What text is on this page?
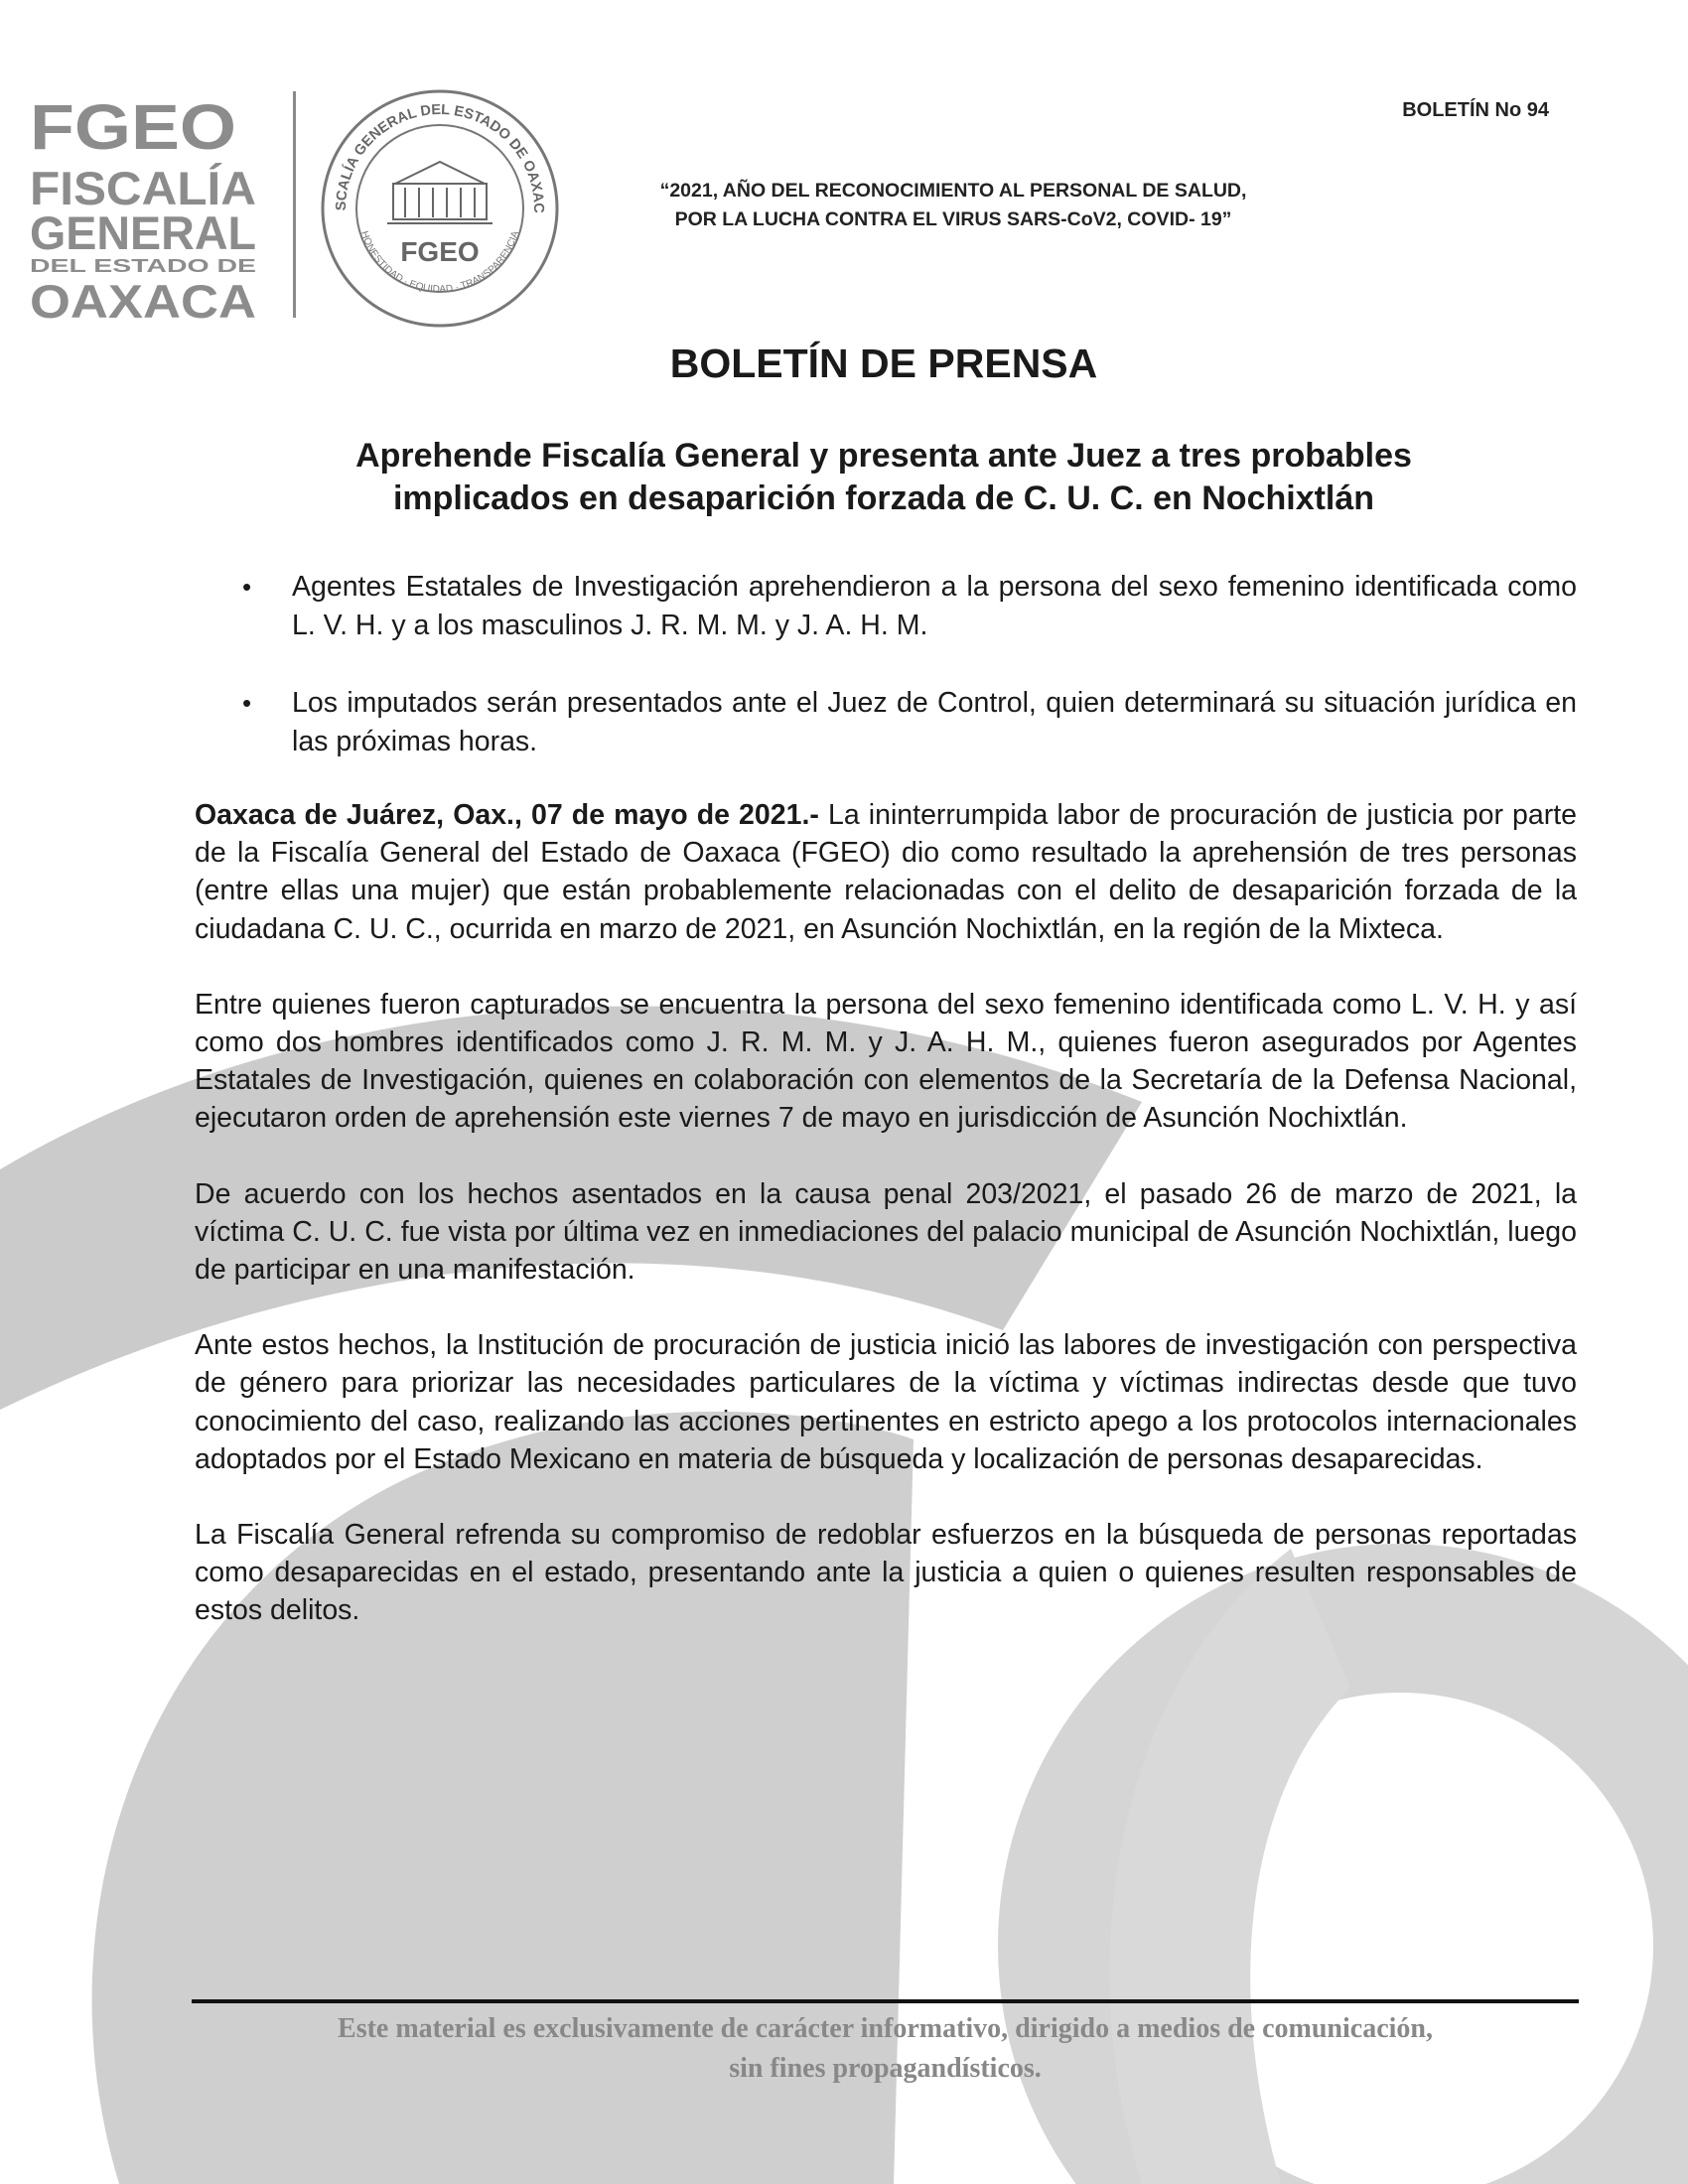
FGEO
FISCALÍA
GENERAL
DEL ESTADO DE
OAXACA
SCALÍA GENERAL DEL ESTADO DE OAXAC
HONESTIDAD · EQUIDAD · TRANSPARENCIA
FGEO
BOLETÍN No 94
“2021, AÑO DEL RECONOCIMIENTO AL PERSONAL DE SALUD,
POR LA LUCHA CONTRA EL VIRUS SARS-CoV2, COVID- 19”
BOLETÍN DE PRENSA
Aprehende Fiscalía General y presenta ante Juez a tres probables
implicados en desaparición forzada de C. U. C. en Nochixtlán
• Agentes Estatales de Investigación aprehendieron a la persona del sexo femenino identificada como L. V. H. y a los masculinos J. R. M. M. y J. A. H. M.
• Los imputados serán presentados ante el Juez de Control, quien determinará su situación jurídica en las próximas horas.

Oaxaca de Juárez, Oax., 07 de mayo de 2021.- La ininterrumpida labor de procuración de justicia por parte de la Fiscalía General del Estado de Oaxaca (FGEO) dio como resultado la aprehensión de tres personas (entre ellas una mujer) que están probablemente relacionadas con el delito de desaparición forzada de la ciudadana C. U. C., ocurrida en marzo de 2021, en Asunción Nochixtlán, en la región de la Mixteca.

Entre quienes fueron capturados se encuentra la persona del sexo femenino identificada como L. V. H. y así como dos hombres identificados como J. R. M. M. y J. A. H. M., quienes fueron asegurados por Agentes Estatales de Investigación, quienes en colaboración con elementos de la Secretaría de la Defensa Nacional, ejecutaron orden de aprehensión este viernes 7 de mayo en jurisdicción de Asunción Nochixtlán.

De acuerdo con los hechos asentados en la causa penal 203/2021, el pasado 26 de marzo de 2021, la víctima C. U. C. fue vista por última vez en inmediaciones del palacio municipal de Asunción Nochixtlán, luego de participar en una manifestación.

Ante estos hechos, la Institución de procuración de justicia inició las labores de investigación con perspectiva de género para priorizar las necesidades particulares de la víctima y víctimas indirectas desde que tuvo conocimiento del caso, realizando las acciones pertinentes en estricto apego a los protocolos internacionales adoptados por el Estado Mexicano en materia de búsqueda y localización de personas desaparecidas.

La Fiscalía General refrenda su compromiso de redoblar esfuerzos en la búsqueda de personas reportadas como desaparecidas en el estado, presentando ante la justicia a quien o quienes resulten responsables de estos delitos.

Este material es exclusivamente de carácter informativo, dirigido a medios de comunicación,
sin fines propagandísticos.
